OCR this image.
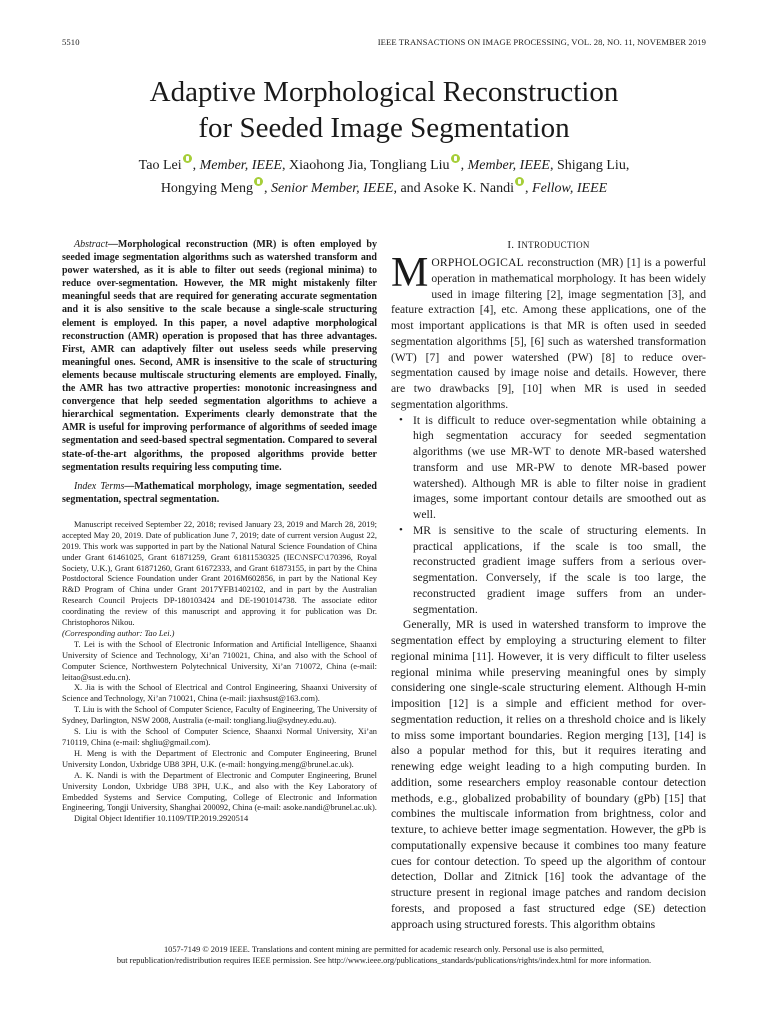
5510	IEEE TRANSACTIONS ON IMAGE PROCESSING, VOL. 28, NO. 11, NOVEMBER 2019
Adaptive Morphological Reconstruction
for Seeded Image Segmentation
Tao Lei , Member, IEEE, Xiaohong Jia, Tongliang Liu , Member, IEEE, Shigang Liu,
Hongying Meng , Senior Member, IEEE, and Asoke K. Nandi , Fellow, IEEE

Abstract—Morphological reconstruction (MR) is often employed by seeded image segmentation algorithms such as watershed transform and power watershed, as it is able to filter out seeds (regional minima) to reduce over-segmentation. However, the MR might mistakenly filter meaningful seeds that are required for generating accurate segmentation and it is also sensitive to the scale because a single-scale structuring element is employed. In this paper, a novel adaptive morphological reconstruction (AMR) operation is proposed that has three advantages. First, AMR can adaptively filter out useless seeds while preserving meaningful ones. Second, AMR is insensitive to the scale of structuring elements because multiscale structuring elements are employed. Finally, the AMR has two attractive properties: monotonic increasingness and convergence that help seeded segmentation algorithms to achieve a hierarchical segmentation. Experiments clearly demonstrate that the AMR is useful for improving performance of algorithms of seeded image segmentation and seed-based spectral segmentation. Compared to several state-of-the-art algorithms, the proposed algorithms provide better segmentation results requiring less computing time.

Index Terms—Mathematical morphology, image segmentation, seeded segmentation, spectral segmentation.

Manuscript received September 22, 2018; revised January 23, 2019 and March 28, 2019; accepted May 20, 2019. Date of publication June 7, 2019; date of current version August 22, 2019. This work was supported in part by the National Natural Science Foundation of China under Grant 61461025, Grant 61871259, Grant 61811530325 (IEC\NSFC\170396, Royal Society, U.K.), Grant 61871260, Grant 61672333, and Grant 61873155, in part by the China Postdoctoral Science Foundation under Grant 2016M602856, in part by the National Key R&D Program of China under Grant 2017YFB1402102, and in part by the Australian Research Council Projects DP-180103424 and DE-1901014738. The associate editor coordinating the review of this manuscript and approving it for publication was Dr. Christophoros Nikou.

(Corresponding author: Tao Lei.)

T. Lei is with the School of Electronic Information and Artificial Intelligence, Shaanxi University of Science and Technology, Xi’an 710021, China, and also with the School of Computer Science, Northwestern Polytechnical University, Xi’an 710072, China (e-mail: leitao@sust.edu.cn).

X. Jia is with the School of Electrical and Control Engineering, Shaanxi University of Science and Technology, Xi’an 710021, China (e-mail: jiaxhsust@163.com).

T. Liu is with the School of Computer Science, Faculty of Engineering, The University of Sydney, Darlington, NSW 2008, Australia (e-mail: tongliang.liu@sydney.edu.au).

S. Liu is with the School of Computer Science, Shaanxi Normal University, Xi’an 710119, China (e-mail: shgliu@gmail.com).

H. Meng is with the Department of Electronic and Computer Engineering, Brunel University London, Uxbridge UB8 3PH, U.K. (e-mail: hongying.meng@brunel.ac.uk).

A. K. Nandi is with the Department of Electronic and Computer Engineering, Brunel University London, Uxbridge UB8 3PH, U.K., and also with the Key Laboratory of Embedded Systems and Service Computing, College of Electronic and Information Engineering, Tongji University, Shanghai 200092, China (e-mail: asoke.nandi@brunel.ac.uk).

Digital Object Identifier 10.1109/TIP.2019.2920514

I. INTRODUCTION

MORPHOLOGICAL reconstruction (MR) [1] is a powerful operation in mathematical morphology. It has been widely used in image filtering [2], image segmentation [3], and feature extraction [4], etc. Among these applications, one of the most important applications is that MR is often used in seeded segmentation algorithms [5], [6] such as watershed transformation (WT) [7] and power watershed (PW) [8] to reduce over-segmentation caused by image noise and details. However, there are two drawbacks [9], [10] when MR is used in seeded segmentation algorithms.

• It is difficult to reduce over-segmentation while obtaining a high segmentation accuracy for seeded segmentation algorithms (we use MR-WT to denote MR-based watershed transform and use MR-PW to denote MR-based power watershed). Although MR is able to filter noise in gradient images, some important contour details are smoothed out as well.
• MR is sensitive to the scale of structuring elements. In practical applications, if the scale is too small, the reconstructed gradient image suffers from a serious over-segmentation. Conversely, if the scale is too large, the reconstructed gradient image suffers from an under-segmentation.

Generally, MR is used in watershed transform to improve the segmentation effect by employing a structuring element to filter regional minima [11]. However, it is very difficult to filter useless regional minima while preserving meaningful ones by simply considering one single-scale structuring element. Although H-min imposition [12] is a simple and efficient method for over-segmentation reduction, it relies on a threshold choice and is likely to miss some important boundaries. Region merging [13], [14] is also a popular method for this, but it requires iterating and renewing edge weight leading to a high computing burden. In addition, some researchers employ reasonable contour detection methods, e.g., globalized probability of boundary (gPb) [15] that combines the multiscale information from brightness, color and texture, to achieve better image segmentation. However, the gPb is computationally expensive because it combines too many feature cues for contour detection. To speed up the algorithm of contour detection, Dollar and Zitnick [16] took the advantage of the structure present in regional image patches and random decision forests, and proposed a fast structured edge (SE) detection approach using structured forests. This algorithm obtains

1057-7149 © 2019 IEEE. Translations and content mining are permitted for academic research only. Personal use is also permitted,
but republication/redistribution requires IEEE permission. See http://www.ieee.org/publications_standards/publications/rights/index.html for more information.
